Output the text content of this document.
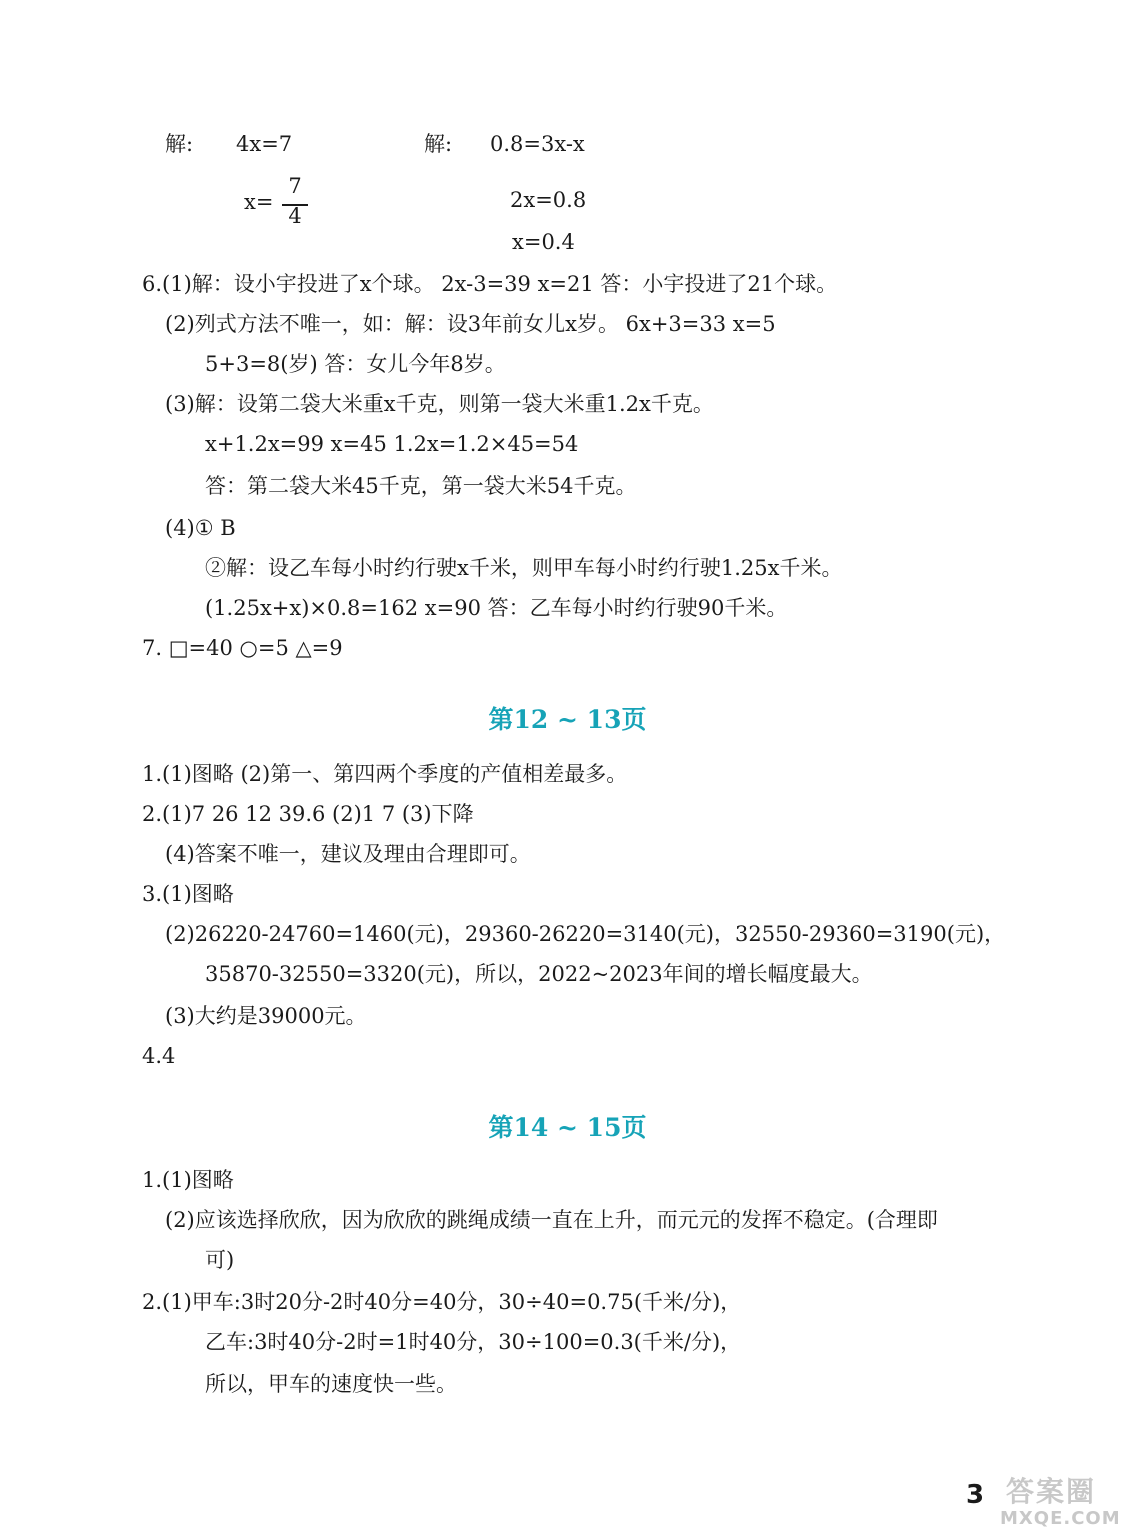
解: 4x=7
x=
7
4
解: 0.8=3x-x
2x=0.8
x=0.4
6.(1)解：设小宇投进了x个球。 2x-3=39 x=21 答：小宇投进了21个球。
(2)列式方法不唯一，如：解：设3年前女儿x岁。 6x+3=33 x=5
5+3=8(岁) 答：女儿今年8岁。
(3)解：设第二袋大米重x千克，则第一袋大米重1.2x千克。
x+1.2x=99 x=45 1.2x=1.2×45=54
答：第二袋大米45千克，第一袋大米54千克。
(4)① B
②解：设乙车每小时约行驶x千米，则甲车每小时约行驶1.25x千米。
(1.25x+x)×0.8=162 x=90 答：乙车每小时约行驶90千米。
7. □=40 ○=5 △=9
第12 ~ 13页
1.(1)图略 (2)第一、第四两个季度的产值相差最多。
2.(1)7 26 12 39.6 (2)1 7 (3)下降
(4)答案不唯一，建议及理由合理即可。
3.(1)图略
(2)26220-24760=1460(元)，29360-26220=3140(元)，32550-29360=3190(元)，
35870-32550=3320(元)，所以，2022~2023年间的增长幅度最大。
(3)大约是39000元。
4.4
第14 ~ 15页
1.(1)图略
(2)应该选择欣欣，因为欣欣的跳绳成绩一直在上升，而元元的发挥不稳定。(合理即
可)
2.(1)甲车:3时20分-2时40分=40分，30÷40=0.75(千米/分)，
乙车:3时40分-2时=1时40分，30÷100=0.3(千米/分)，
所以，甲车的速度快一些。
3 答案圈
MXQE.COM
